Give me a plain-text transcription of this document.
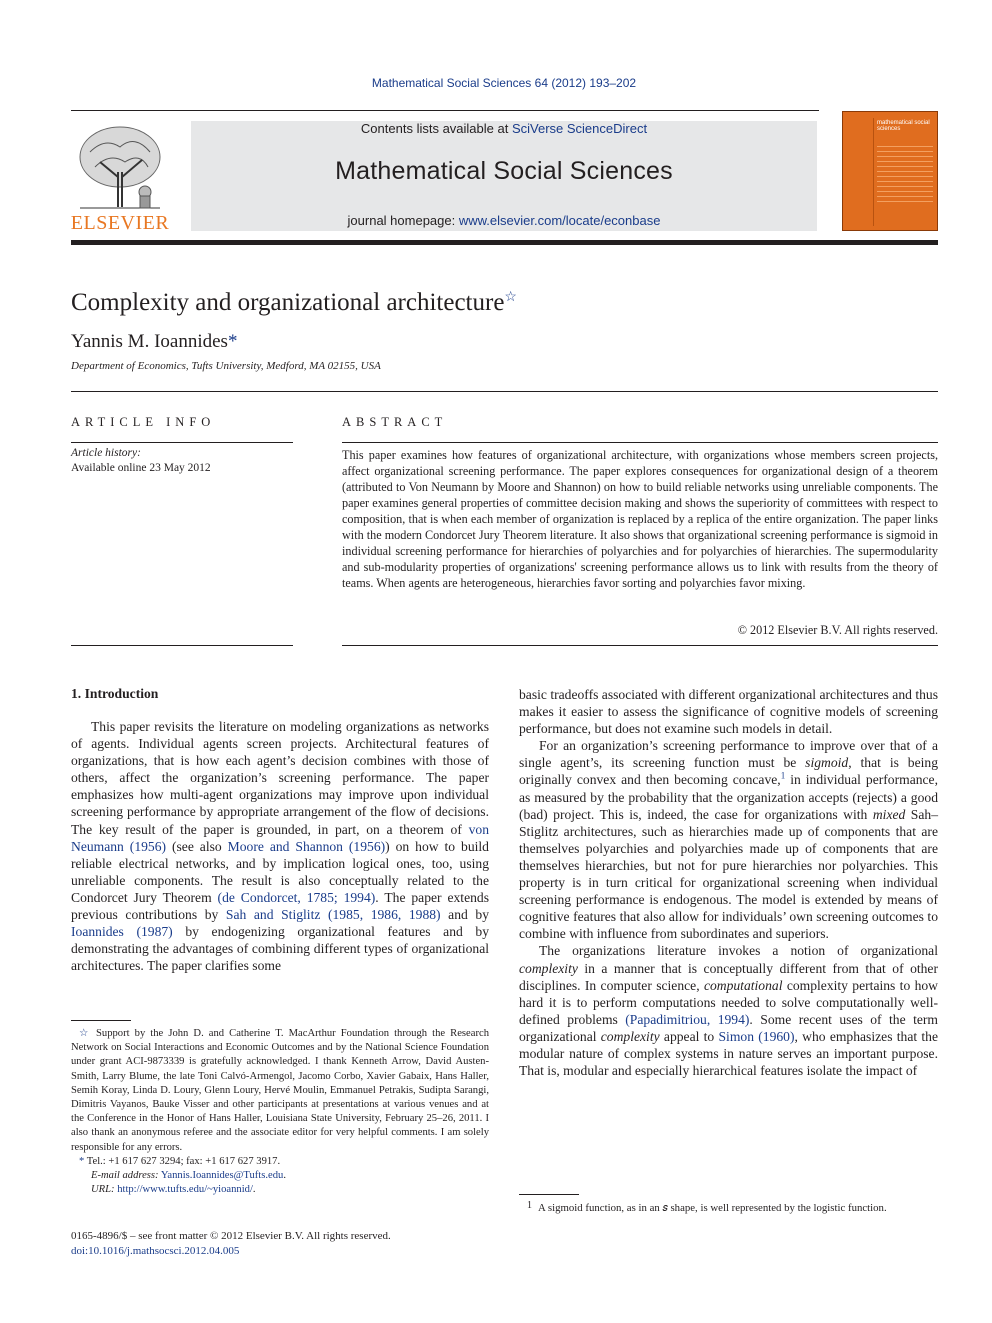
Mathematical Social Sciences 64 (2012) 193–202
ELSEVIER
Contents lists available at SciVerse ScienceDirect
Mathematical Social Sciences
journal homepage: www.elsevier.com/locate/econbase
mathematical social sciences
Complexity and organizational architecture☆
Yannis M. Ioannides*
Department of Economics, Tufts University, Medford, MA 02155, USA
ARTICLE INFO	ABSTRACT
Article history:
Available online 23 May 2012
This paper examines how features of organizational architecture, with organizations whose members screen projects, affect organizational screening performance. The paper explores consequences for organizational design of a theorem (attributed to Von Neumann by Moore and Shannon) on how to build reliable networks using unreliable components. The paper examines general properties of committee decision making and shows the superiority of committees with respect to composition, that is when each member of organization is replaced by a replica of the entire organization. The paper links with the modern Condorcet Jury Theorem literature. It also shows that organizational screening performance is sigmoid in individual screening performance for hierarchies of polyarchies and for polyarchies of hierarchies. The supermodularity and sub-modularity properties of organizations' screening performance allows us to link with results from the theory of teams. When agents are heterogeneous, hierarchies favor sorting and polyarchies favor mixing.
© 2012 Elsevier B.V. All rights reserved.
1. Introduction

This paper revisits the literature on modeling organizations as networks of agents. Individual agents screen projects. Architectural features of organizations, that is how each agent’s decision combines with those of others, affect the organization’s screening performance. The paper emphasizes how multi-agent organizations may improve upon individual screening performance by appropriate arrangement of the flow of decisions. The key result of the paper is grounded, in part, on a theorem of von Neumann (1956) (see also Moore and Shannon (1956)) on how to build reliable electrical networks, and by implication logical ones, too, using unreliable components. The result is also conceptually related to the Condorcet Jury Theorem (de Condorcet, 1785; 1994). The paper extends previous contributions by Sah and Stiglitz (1985, 1986, 1988) and by Ioannides (1987) by endogenizing organizational features and by demonstrating the advantages of combining different types of organizational architectures. The paper clarifies some

basic tradeoffs associated with different organizational architectures and thus makes it easier to assess the significance of cognitive models of screening performance, but does not examine such models in detail.

For an organization’s screening performance to improve over that of a single agent’s, its screening function must be sigmoid, that is being originally convex and then becoming concave,$^1$ in individual performance, as measured by the probability that the organization accepts (rejects) a good (bad) project. This is, indeed, the case for organizations with mixed Sah–Stiglitz architectures, such as hierarchies made up of components that are themselves polyarchies and polyarchies made up of components that are themselves hierarchies, but not for pure hierarchies nor polyarchies. This property is in turn critical for organizational screening when individual screening performance is endogenous. The model is extended by means of cognitive features that also allow for individuals’ own screening outcomes to combine with influence from subordinates and superiors.

The organizations literature invokes a notion of organizational complexity in a manner that is conceptually different from that of other disciplines. In computer science, computational complexity pertains to how hard it is to perform computations needed to solve computationally well-defined problems (Papadimitriou, 1994). Some recent uses of the term organizational complexity appeal to Simon (1960), who emphasizes that the modular nature of complex systems in nature serves an important purpose. That is, modular and especially hierarchical features isolate the impact of

☆ Support by the John D. and Catherine T. MacArthur Foundation through the Research Network on Social Interactions and Economic Outcomes and by the National Science Foundation under grant ACI-9873339 is gratefully acknowledged. I thank Kenneth Arrow, David Austen-Smith, Larry Blume, the late Toni Calvó-Armengol, Jacomo Corbo, Xavier Gabaix, Hans Haller, Semih Koray, Linda D. Loury, Glenn Loury, Hervé Moulin, Emmanuel Petrakis, Sudipta Sarangi, Dimitris Vayanos, Bauke Visser and other participants at presentations at various venues and at the Conference in the Honor of Hans Haller, Louisiana State University, February 25–26, 2011. I also thank an anonymous referee and the associate editor for very helpful comments. I am solely responsible for any errors.

* Tel.: +1 617 627 3294; fax: +1 617 627 3917.

E-mail address: Yannis.Ioannides@Tufts.edu.

URL: http://www.tufts.edu/~yioannid/.

0165-4896/$ – see front matter © 2012 Elsevier B.V. All rights reserved.
doi:10.1016/j.mathsocsci.2012.04.005
1 A sigmoid function, as in an 𝑠 shape, is well represented by the logistic function.
